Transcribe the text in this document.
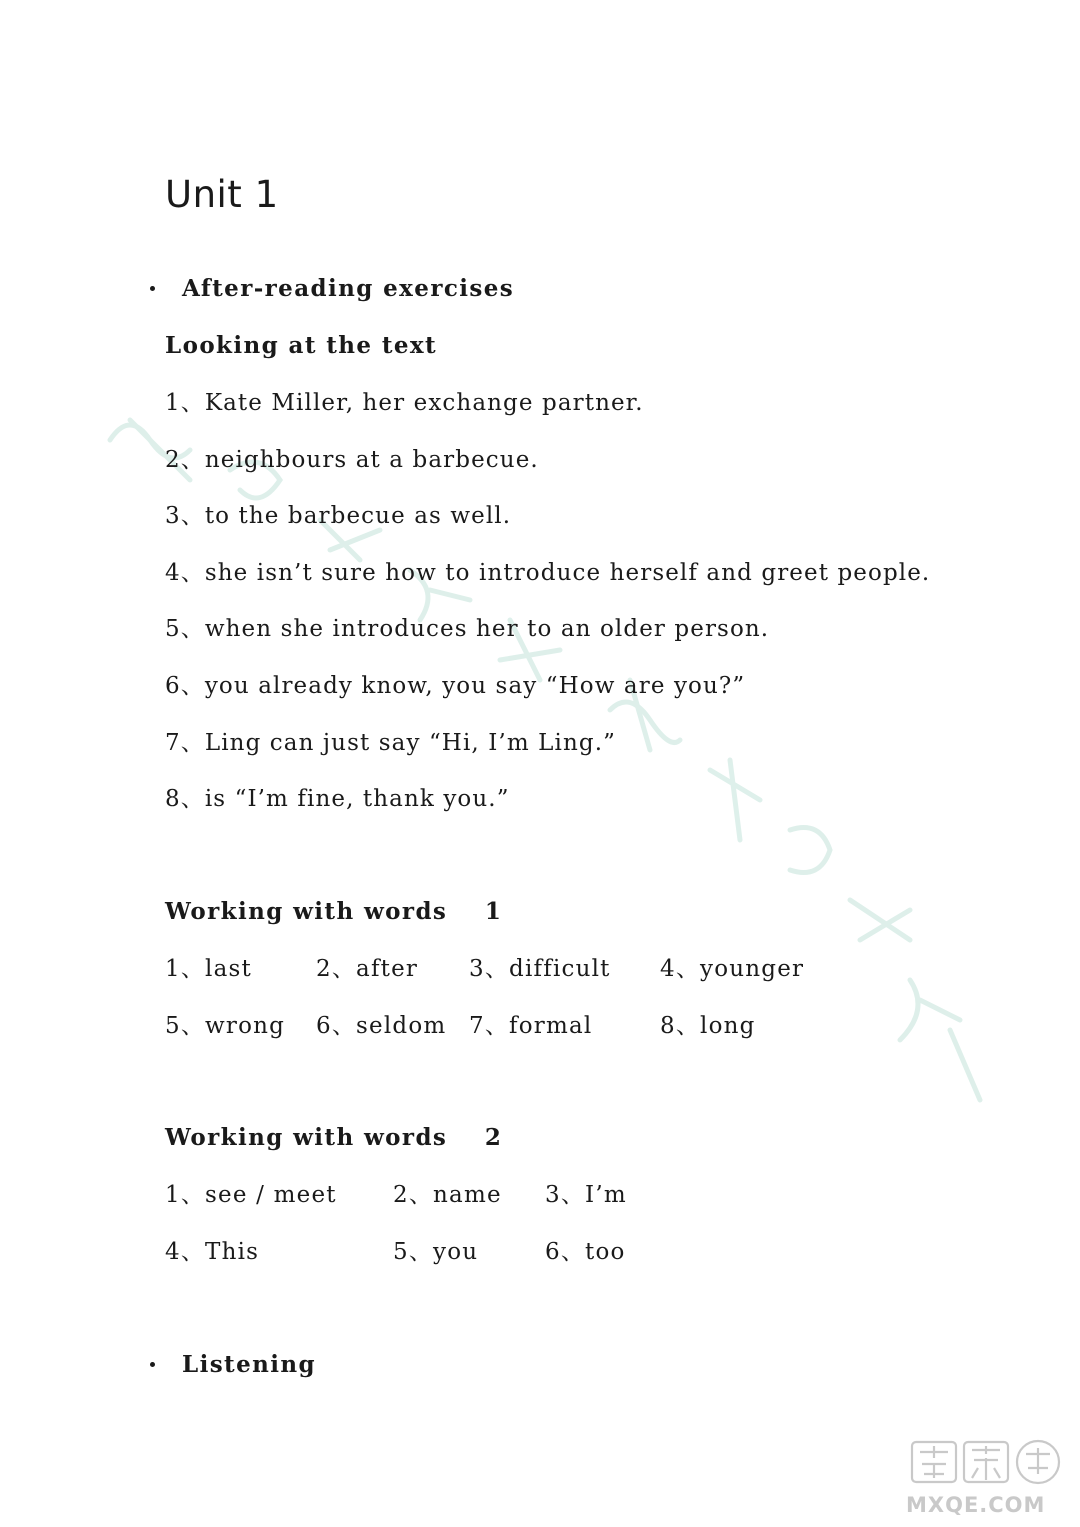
Unit 1
After-reading exercises
Looking at the text
1、Kate Miller, her exchange partner.
2、neighbours at a barbecue.
3、to the barbecue as well.
4、she isn’t sure how to introduce herself and greet people.
5、when she introduces her to an older person.
6、you already know, you say “How are you?”
7、Ling can just say “Hi, I’m Ling.”
8、is “I’m fine, thank you.”
Working with words    1
1、last	2、after 3、difficult 4、younger
5、wrong 6、seldom 7、formal	8、long
Working with words    2
1、see / meet 2、name 3、I’m
4、This	5、you	6、too
Listening
MXQE.COM
